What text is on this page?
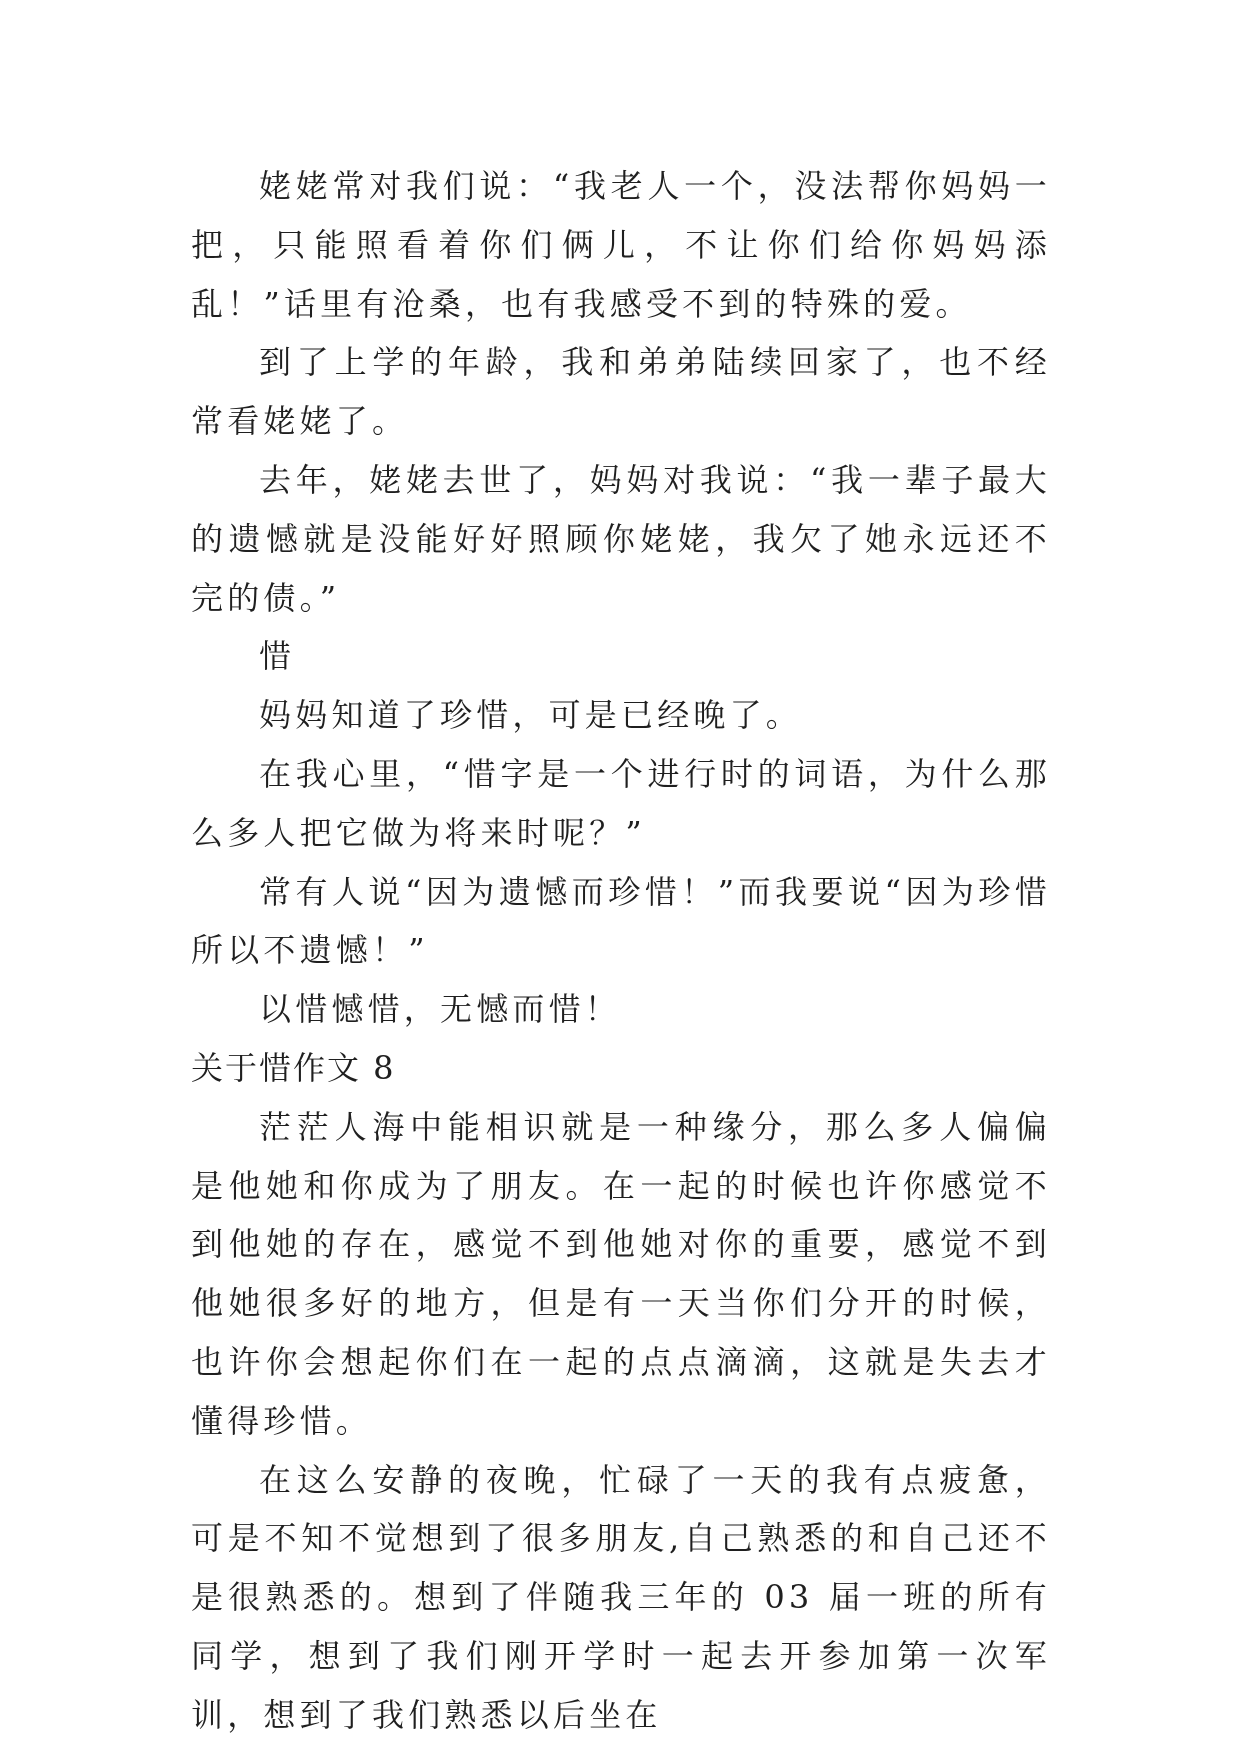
姥姥常对我们说：“我老人一个，没法帮你妈妈一把，只能照看着你们俩儿，不让你们给你妈妈添乱！”话里有沧桑，也有我感受不到的特殊的爱。

到了上学的年龄，我和弟弟陆续回家了，也不经常看姥姥了。

去年，姥姥去世了，妈妈对我说：“我一辈子最大的遗憾就是没能好好照顾你姥姥，我欠了她永远还不完的债。”

惜

妈妈知道了珍惜，可是已经晚了。

在我心里，“惜字是一个进行时的词语，为什么那么多人把它做为将来时呢？”

常有人说“因为遗憾而珍惜！”而我要说“因为珍惜所以不遗憾！”

以惜憾惜，无憾而惜！

关于惜作文 8

茫茫人海中能相识就是一种缘分，那么多人偏偏是他她和你成为了朋友。在一起的时候也许你感觉不到他她的存在，感觉不到他她对你的重要，感觉不到他她很多好的地方，但是有一天当你们分开的时候，也许你会想起你们在一起的点点滴滴，这就是失去才懂得珍惜。

在这么安静的夜晚，忙碌了一天的我有点疲惫，可是不知不觉想到了很多朋友,自己熟悉的和自己还不是很熟悉的。想到了伴随我三年的 03 届一班的所有同学，想到了我们刚开学时一起去开参加第一次军训，想到了我们熟悉以后坐在
